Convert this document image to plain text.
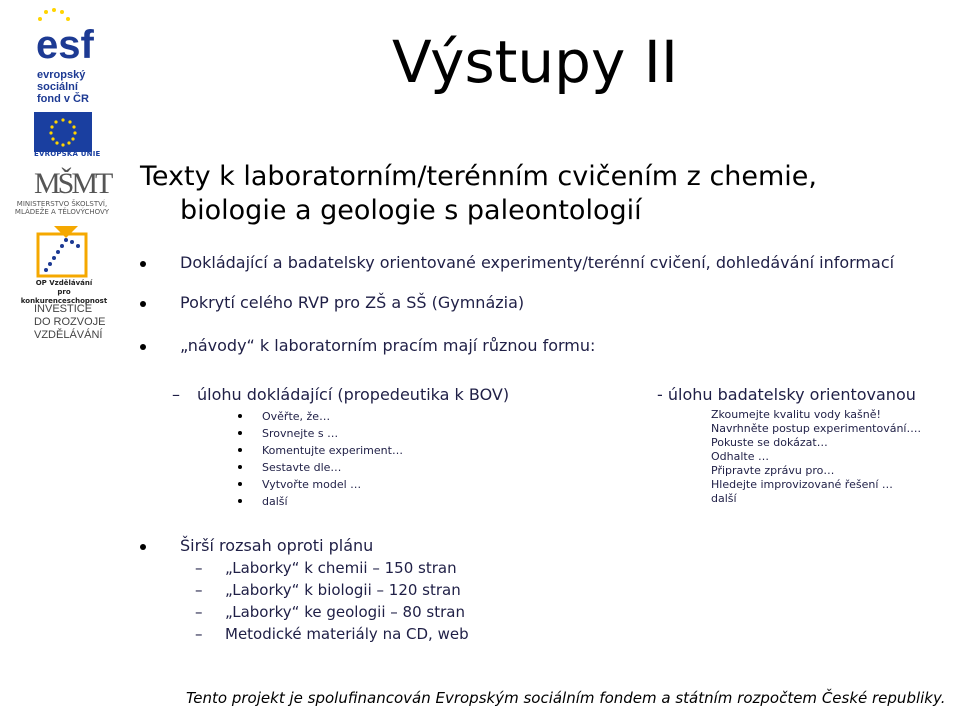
esf
evropský
sociální
fond v ČR
EVROPSKÁ UNIE
MŠMT
MINISTERSTVO ŠKOLSTVÍ,
MLÁDEŽE A TĚLOVÝCHOVY
OP Vzdělávání
pro konkurenceschopnost
INVESTICE
DO ROZVOJE
VZDĚLÁVÁNÍ
Výstupy II
Texty k laboratorním/terénním cvičením z chemie,
biologie a geologie s paleontologií
Dokládající a badatelsky orientované experimenty/terénní cvičení, dohledávání informací
Pokrytí celého RVP pro ZŠ a SŠ (Gymnázia)
„návody“ k laboratorním pracím mají různou formu:
– úlohu dokládající (propedeutika k BOV)
Ověřte, že…
Srovnejte s …
Komentujte experiment…
Sestavte dle…
Vytvořte model …
další
- úlohu badatelsky orientovanou
Zkoumejte kvalitu vody kašně!
Navrhněte postup experimentování….
Pokuste se dokázat…
Odhalte …
Připravte zprávu pro…
Hledejte improvizované řešení …
další
Širší rozsah oproti plánu
– „Laborky“ k chemii – 150 stran
– „Laborky“ k biologii – 120 stran
– „Laborky“ ke geologii – 80 stran
– Metodické materiály na CD, web
Tento projekt je spolufinancován Evropským sociálním fondem a státním rozpočtem České republiky.
